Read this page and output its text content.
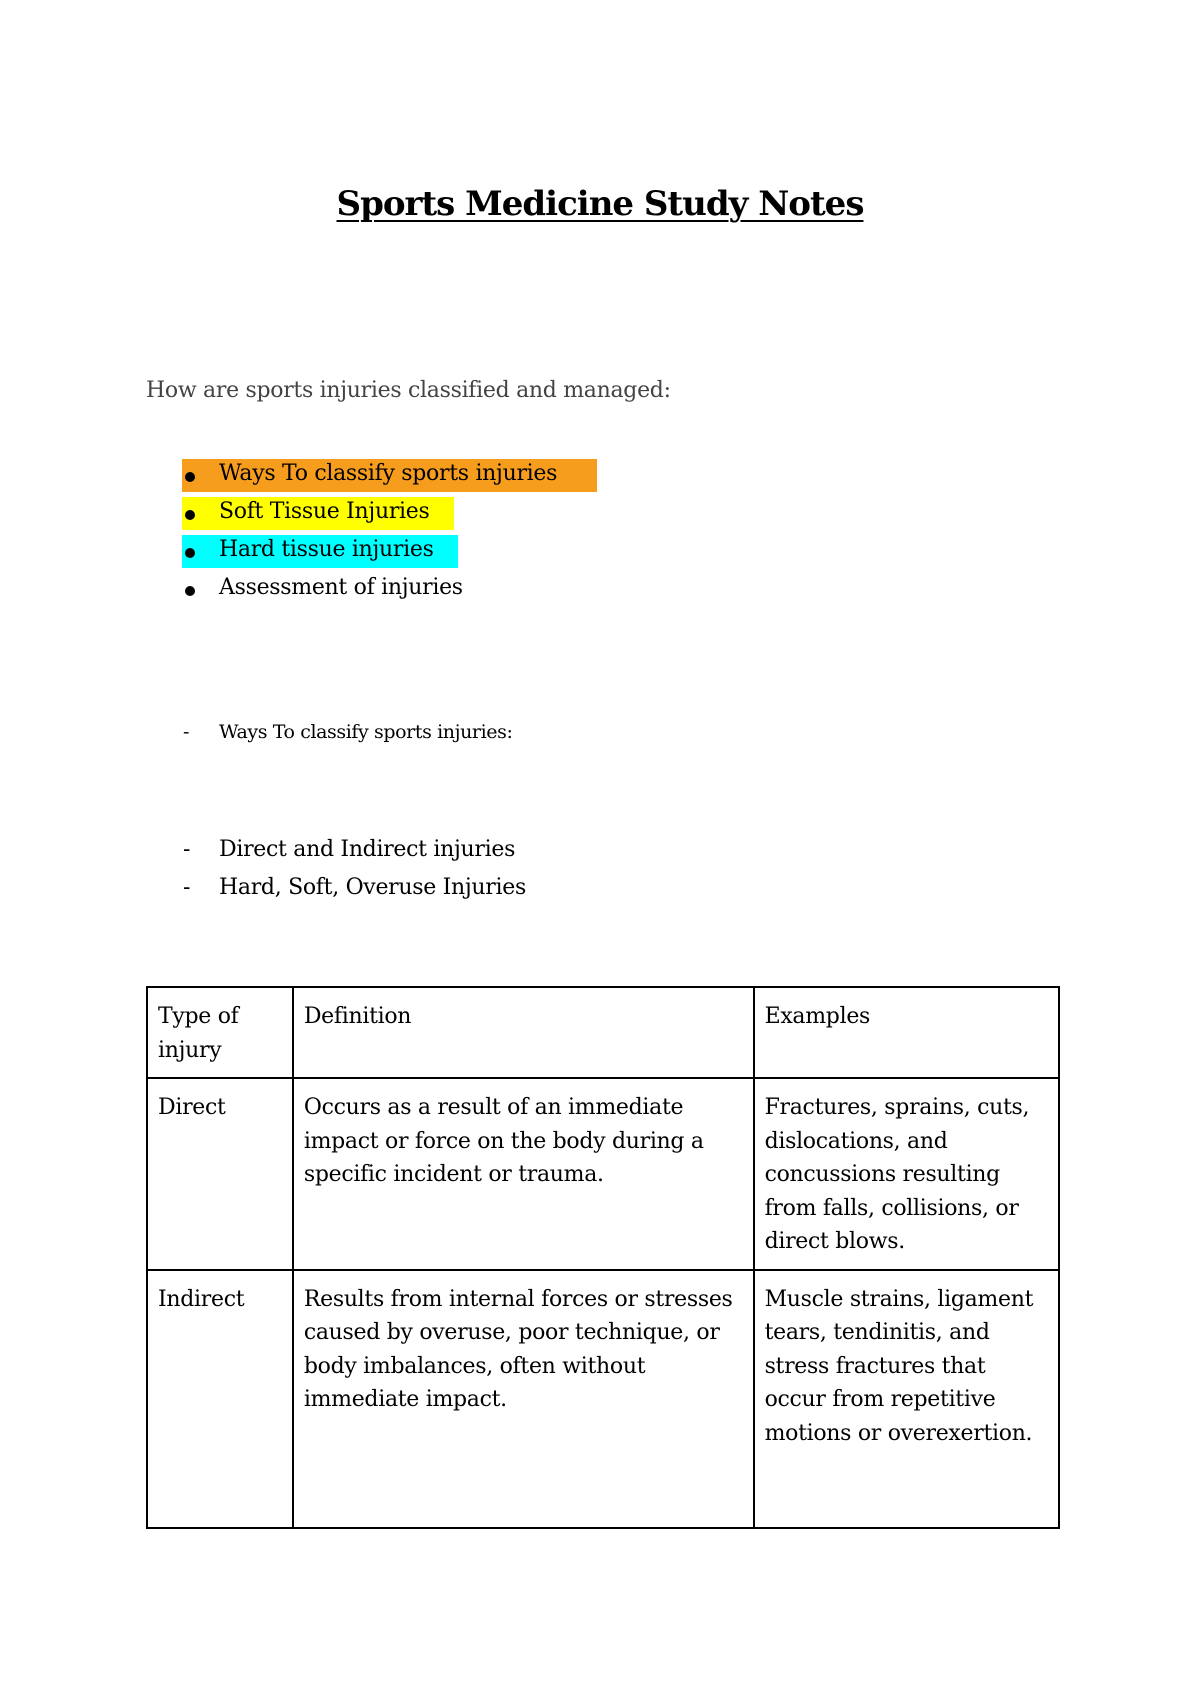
Sports Medicine Study Notes

How are sports injuries classified and managed:

Ways To classify sports injuries
Soft Tissue Injuries
Hard tissue injuries
Assessment of injuries
- Ways To classify sports injuries:
- Direct and Indirect injuries
- Hard, Soft, Overuse Injuries
Type of injury	Definition	Examples
Direct	Occurs as a result of an immediate impact or force on the body during a specific incident or trauma.	Fractures, sprains, cuts, dislocations, and concussions resulting from falls, collisions, or direct blows.
Indirect	Results from internal forces or stresses caused by overuse, poor technique, or body imbalances, often without immediate impact.	Muscle strains, ligament tears, tendinitis, and stress fractures that occur from repetitive motions or overexertion.
